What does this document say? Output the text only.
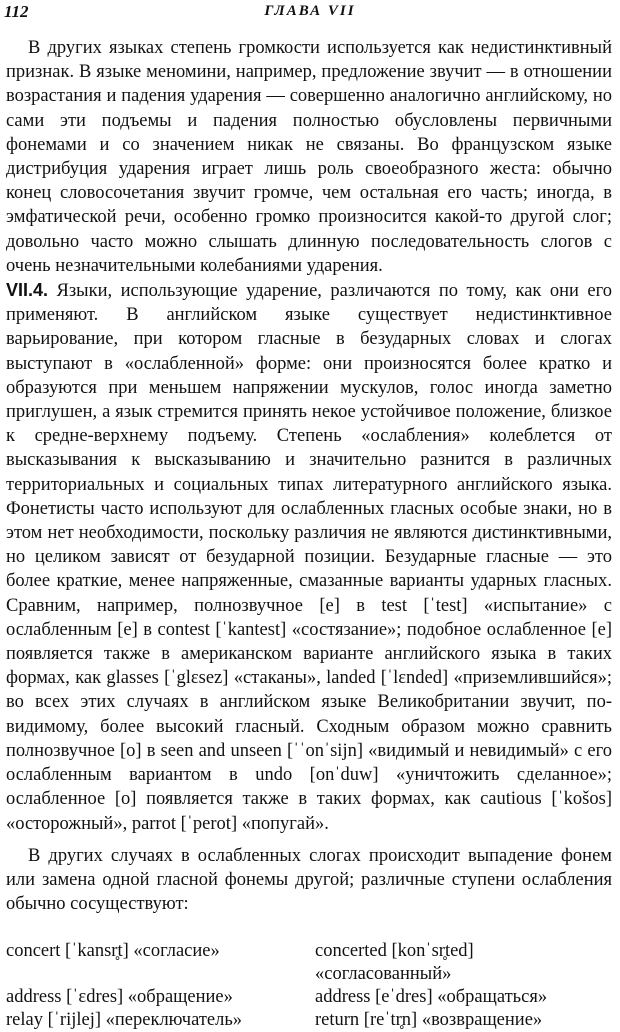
112	ГЛАВА VII

В других языках степень громкости используется как недистинктивный признак. В языке меномини, например, предложение звучит — в отношении возрастания и падения ударения — совершенно аналогично английскому, но сами эти подъемы и падения полностью обусловлены первичными фонемами и со значением никак не связаны. Во французском языке дистрибуция ударения играет лишь роль своеобразного жеста: обычно конец словосочетания звучит громче, чем остальная его часть; иногда, в эмфатической речи, особенно громко произносится какой-то другой слог; довольно часто можно слышать длинную последовательность слогов с очень незначительными колебаниями ударения.

VII.4. Языки, использующие ударение, различаются по тому, как они его применяют. В английском языке существует недистинктивное варьирование, при котором гласные в безударных словах и слогах выступают в «ослабленной» форме: они произносятся более кратко и образуются при меньшем напряжении мускулов, голос иногда заметно приглушен, а язык стремится принять некое устойчивое положение, близкое к средне-верхнему подъему. Степень «ослабления» колеблется от высказывания к высказыванию и значительно разнится в различных территориальных и социальных типах литературного английского языка. Фонетисты часто используют для ослабленных гласных особые знаки, но в этом нет необходимости, поскольку различия не являются дистинктивными, но целиком зависят от безударной позиции. Безударные гласные — это более краткие, менее напряженные, смазанные варианты ударных гласных. Сравним, например, полнозвучное [e] в test [ˈtest] «испытание» с ослабленным [e] в contest [ˈkantest] «состязание»; подобное ослабленное [e] появляется также в американском варианте английского языка в таких формах, как glasses [ˈglɛsez] «стаканы», landed [ˈlɛnded] «приземлившийся»; во всех этих случаях в английском языке Великобритании звучит, по-видимому, более высокий гласный. Сходным образом можно сравнить полнозвучное [o] в seen and unseen [ˈˈonˈsijn] «видимый и невидимый» с его ослабленным вариантом в undo [onˈduw] «уничтожить сделанное»; ослабленное [o] появляется также в таких формах, как cautious [ˈkošos] «осторожный», parrot [ˈperot] «попугай».

В других случаях в ослабленных слогах происходит выпадение фонем или замена одной гласной фонемы другой; различные ступени ослабления обычно сосуществуют:

concert [ˈkansr̥t] «согласие»	concerted [konˈsr̥ted] «согласованный»
address [ˈɛdres] «обращение»	address [eˈdres] «обращаться»
relay [ˈrijlej] «переключатель»	return [reˈtr̥n] «возвращение»
